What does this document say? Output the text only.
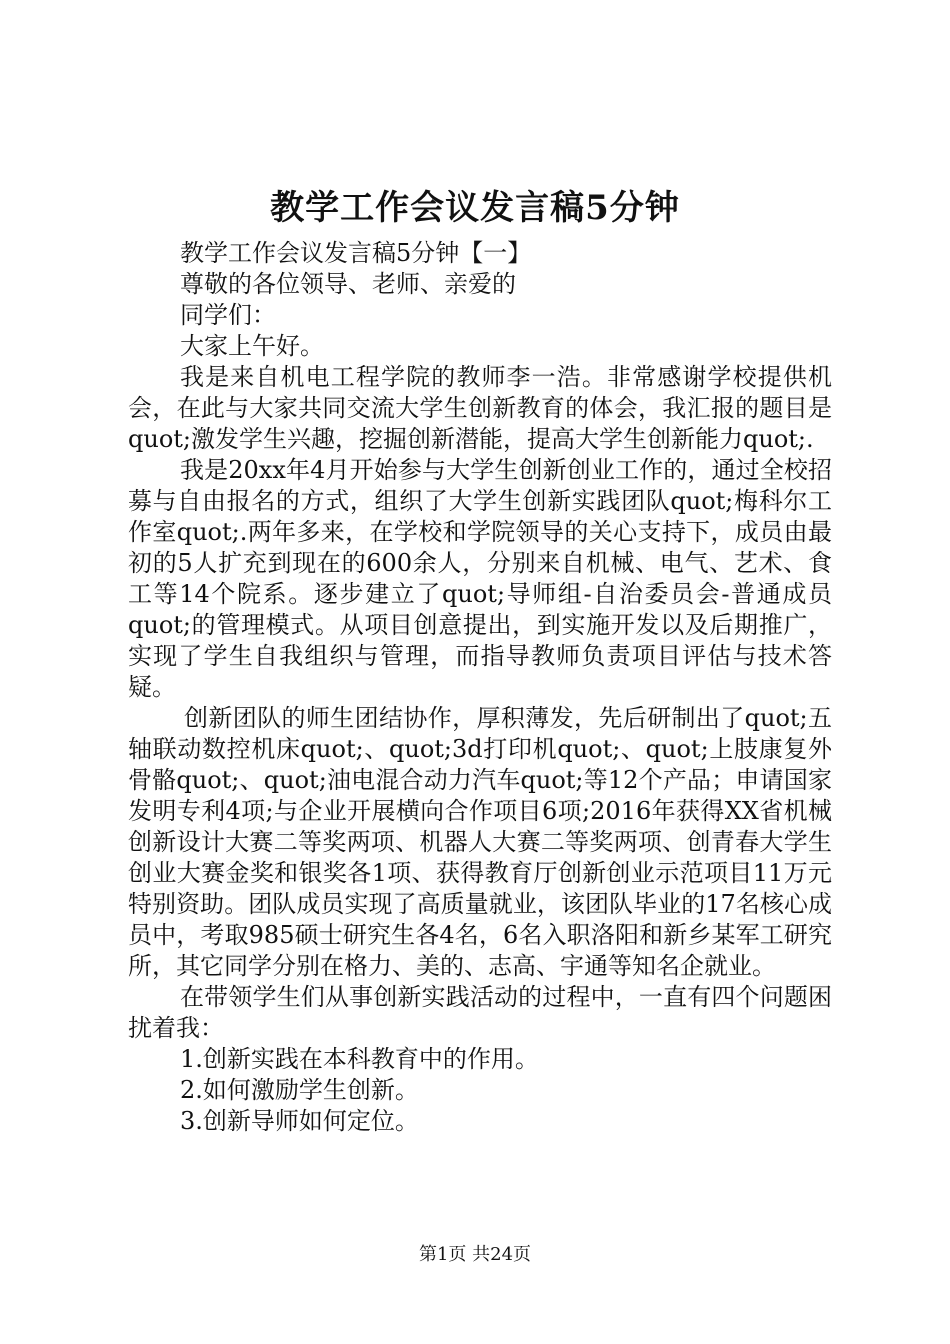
教学工作会议发言稿5分钟

教学工作会议发言稿5分钟【一】

尊敬的各位领导、老师、亲爱的

同学们：

大家上午好。

我是来自机电工程学院的教师李一浩。非常感谢学校提供机会，在此与大家共同交流大学生创新教育的体会，我汇报的题目是quot;激发学生兴趣，挖掘创新潜能，提高大学生创新能力quot;.

我是20xx年4月开始参与大学生创新创业工作的，通过全校招募与自由报名的方式，组织了大学生创新实践团队quot;梅科尔工作室quot;.两年多来，在学校和学院领导的关心支持下，成员由最初的5人扩充到现在的600余人，分别来自机械、电气、艺术、食工等14个院系。逐步建立了quot;导师组-自治委员会-普通成员quot;的管理模式。从项目创意提出，到实施开发以及后期推广，实现了学生自我组织与管理，而指导教师负责项目评估与技术答疑。

创新团队的师生团结协作，厚积薄发，先后研制出了quot;五轴联动数控机床quot;、quot;3d打印机quot;、quot;上肢康复外骨骼quot;、quot;油电混合动力汽车quot;等12个产品；申请国家发明专利4项;与企业开展横向合作项目6项;2016年获得XX省机械创新设计大赛二等奖两项、机器人大赛二等奖两项、创青春大学生创业大赛金奖和银奖各1项、获得教育厅创新创业示范项目11万元特别资助。团队成员实现了高质量就业，该团队毕业的17名核心成员中，考取985硕士研究生各4名，6名入职洛阳和新乡某军工研究所，其它同学分别在格力、美的、志高、宇通等知名企就业。

在带领学生们从事创新实践活动的过程中，一直有四个问题困扰着我：

1.创新实践在本科教育中的作用。

2.如何激励学生创新。

3.创新导师如何定位。

第1页 共24页
